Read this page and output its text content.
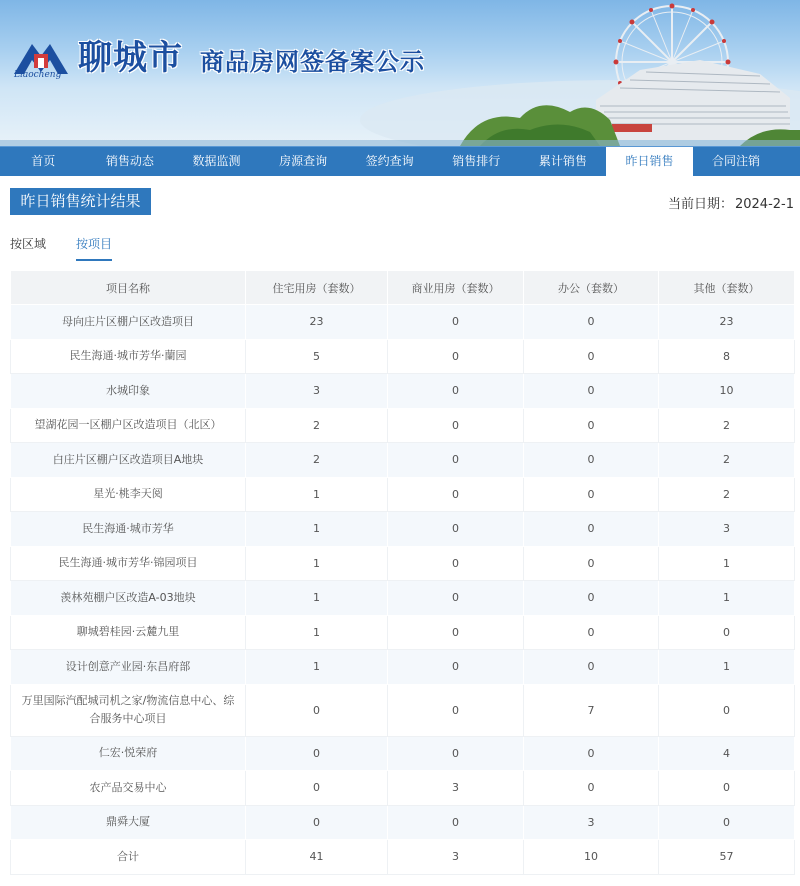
Liaocheng 聊城市 商品房网签备案公示
首页	销售动态	数据监测	房源查询	签约查询	销售排行	累计销售	昨日销售	合同注销
昨日销售统计结果	当前日期： 2024-2-1
按区域	按项目
项目名称	住宅用房（套数）	商业用房（套数）	办公（套数）	其他（套数）
母向庄片区棚户区改造项目	23	0	0	23
民生海通·城市芳华·蘭园	5	0	0	8
水城印象	3	0	0	10
望湖花园一区棚户区改造项目（北区）	2	0	0	2
白庄片区棚户区改造项目A地块	2	0	0	2
星光·桃李天阅	1	0	0	2
民生海通·城市芳华	1	0	0	3
民生海通·城市芳华·锦园项目	1	0	0	1
羡林苑棚户区改造A-03地块	1	0	0	1
聊城碧桂园·云麓九里	1	0	0	0
设计创意产业园·东昌府部	1	0	0	1
万里国际汽配城司机之家/物流信息中心、综合服务中心项目	0	0	7	0
仁宏·悦荣府	0	0	0	4
农产品交易中心	0	3	0	0
鼎舜大厦	0	0	3	0
合计	41	3	10	57
